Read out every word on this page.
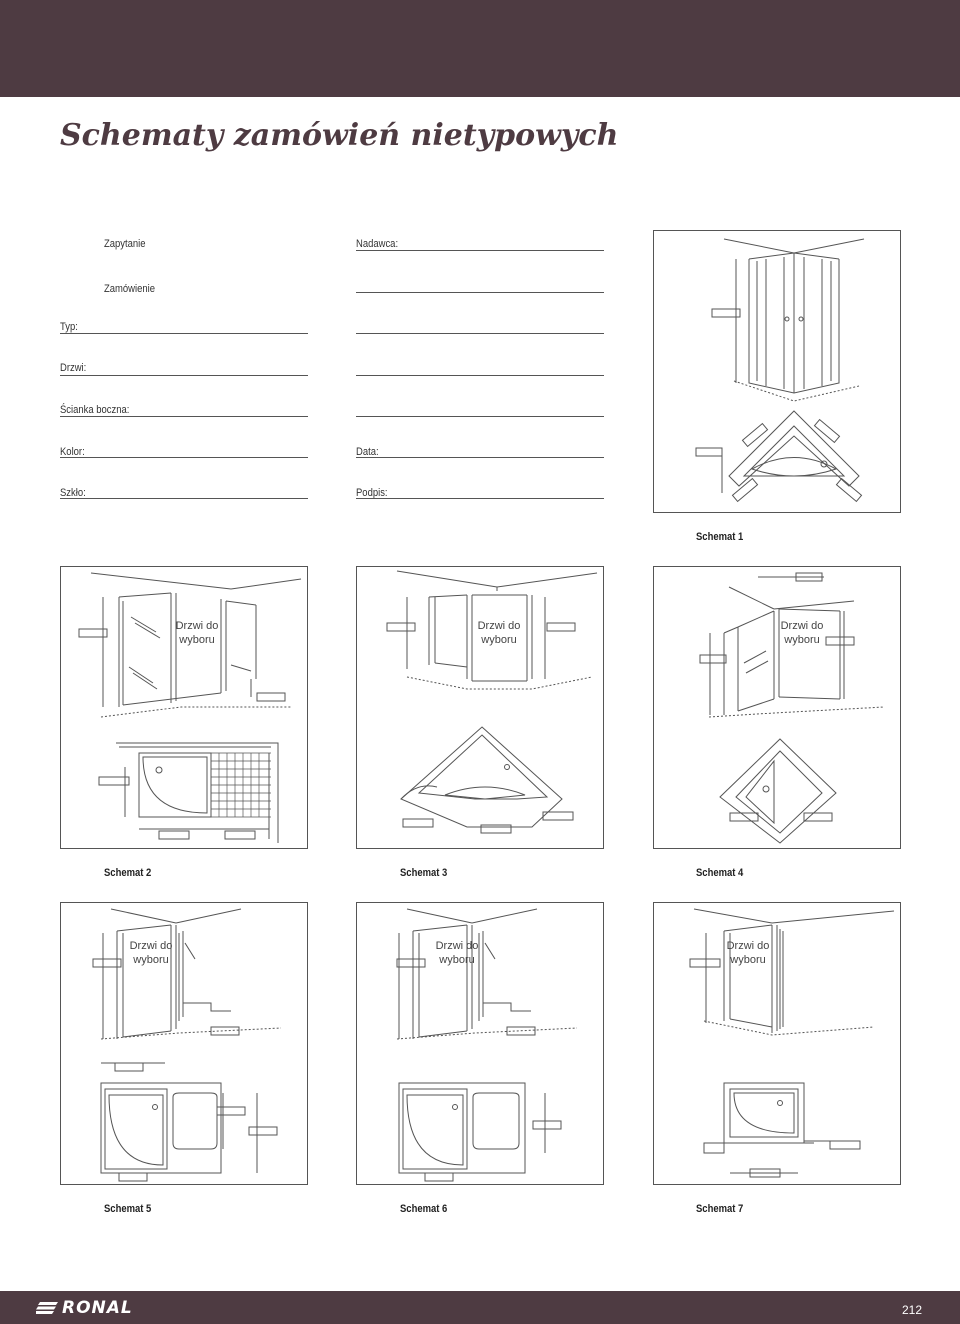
Schematy zamówień nietypowych
Zapytanie
Zamówienie
Typ:
Drzwi:
Ścianka boczna:
Kolor:
Szkło:
Nadawca:
Data:
Podpis:
Schemat 1
Drzwi do
wyboru
Schemat 2
Drzwi do
wyboru
Schemat 3
Drzwi do
wyboru
Schemat 4
Drzwi do
wyboru
Schemat 5
Drzwi do
wyboru
Schemat 6
Drzwi do
wyboru
Schemat 7
RONAL	212
